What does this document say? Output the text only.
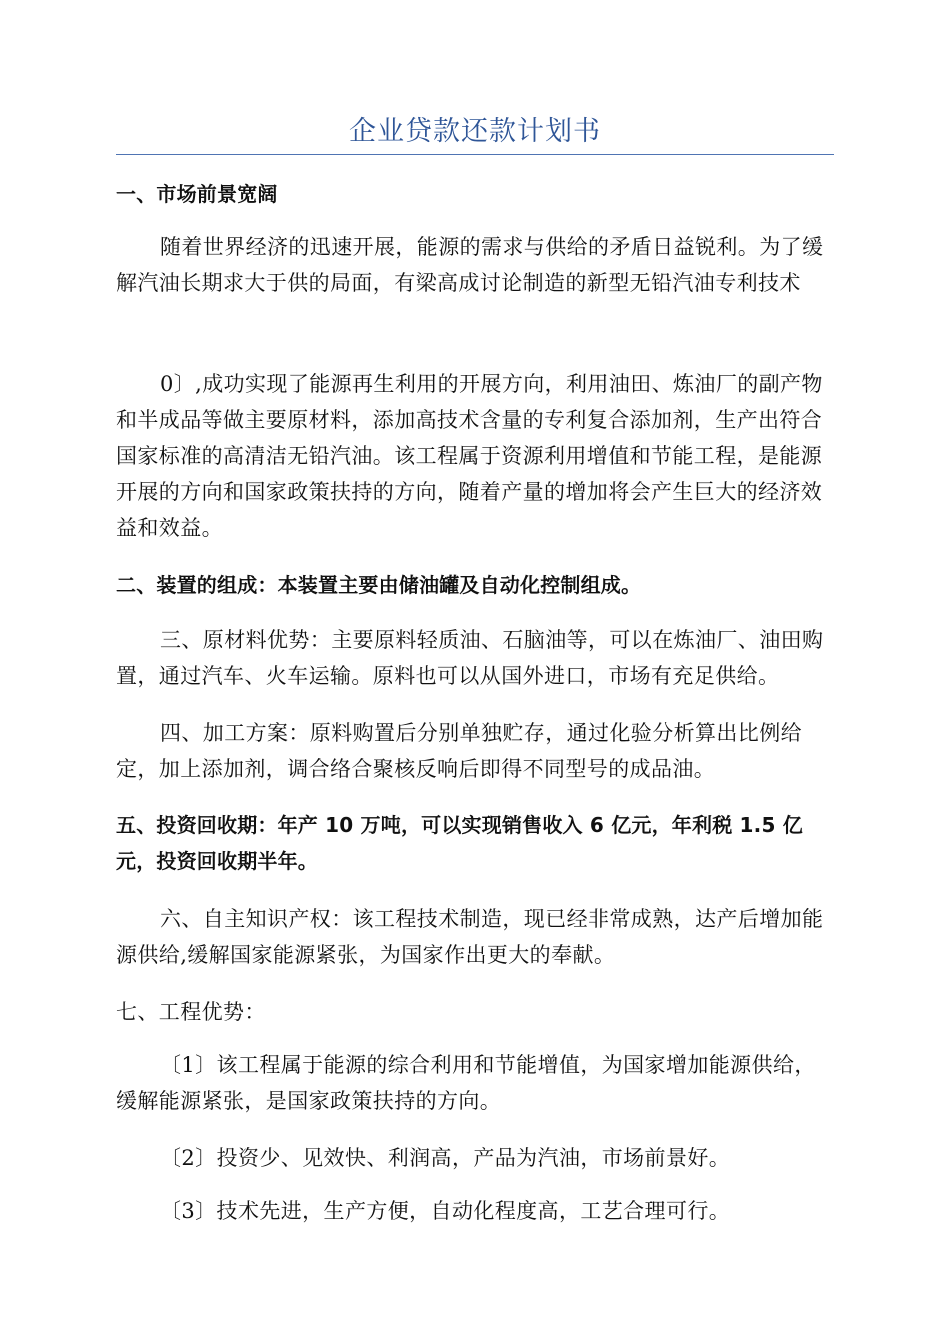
企业贷款还款计划书

一、市场前景宽阔

随着世界经济的迅速开展，能源的需求与供给的矛盾日益锐利。为了缓解汽油长期求大于供的局面，有梁高成讨论制造的新型无铅汽油专利技术

0〕,成功实现了能源再生利用的开展方向，利用油田、炼油厂的副产物和半成品等做主要原材料，添加高技术含量的专利复合添加剂，生产出符合国家标准的高清洁无铅汽油。该工程属于资源利用增值和节能工程，是能源开展的方向和国家政策扶持的方向，随着产量的增加将会产生巨大的经济效益和效益。

二、装置的组成：本装置主要由储油罐及自动化控制组成。

三、原材料优势：主要原料轻质油、石脑油等，可以在炼油厂、油田购置，通过汽车、火车运输。原料也可以从国外进口，市场有充足供给。

四、加工方案：原料购置后分别单独贮存，通过化验分析算出比例给定，加上添加剂，调合络合聚核反响后即得不同型号的成品油。

五、投资回收期：年产 10 万吨，可以实现销售收入 6 亿元，年利税 1.5 亿元，投资回收期半年。

六、自主知识产权：该工程技术制造，现已经非常成熟，达产后增加能源供给,缓解国家能源紧张，为国家作出更大的奉献。

七、工程优势：

〔1〕该工程属于能源的综合利用和节能增值，为国家增加能源供给，缓解能源紧张，是国家政策扶持的方向。

〔2〕投资少、见效快、利润高，产品为汽油，市场前景好。

〔3〕技术先进，生产方便，自动化程度高，工艺合理可行。
